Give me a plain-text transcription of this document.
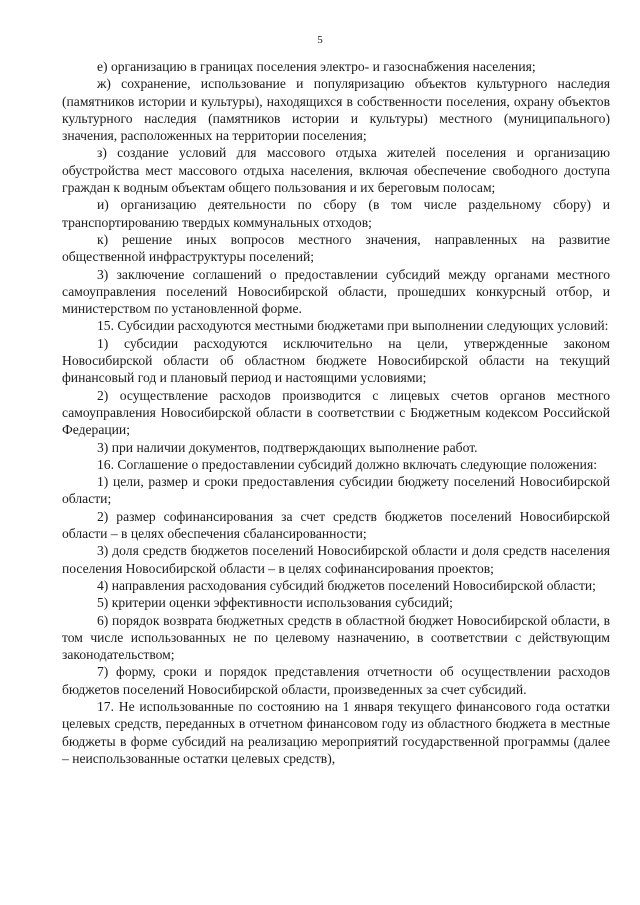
5

е) организацию в границах поселения электро- и газоснабжения населения;

ж) сохранение, использование и популяризацию объектов культурного наследия (памятников истории и культуры), находящихся в собственности поселения, охрану объектов культурного наследия (памятников истории и культуры) местного (муниципального) значения, расположенных на территории поселения;

з) создание условий для массового отдыха жителей поселения и организацию обустройства мест массового отдыха населения, включая обеспечение свободного доступа граждан к водным объектам общего пользования и их береговым полосам;

и) организацию деятельности по сбору (в том числе раздельному сбору) и транспортированию твердых коммунальных отходов;

к) решение иных вопросов местного значения, направленных на развитие общественной инфраструктуры поселений;

3) заключение соглашений о предоставлении субсидий между органами местного самоуправления поселений Новосибирской области, прошедших конкурсный отбор, и министерством по установленной форме.

15. Субсидии расходуются местными бюджетами при выполнении следующих условий:

1) субсидии расходуются исключительно на цели, утвержденные законом Новосибирской области об областном бюджете Новосибирской области на текущий финансовый год и плановый период и настоящими условиями;

2) осуществление расходов производится с лицевых счетов органов местного самоуправления Новосибирской области в соответствии с Бюджетным кодексом Российской Федерации;

3) при наличии документов, подтверждающих выполнение работ.

16. Соглашение о предоставлении субсидий должно включать следующие положения:

1) цели, размер и сроки предоставления субсидии бюджету поселений Новосибирской области;

2) размер софинансирования за счет средств бюджетов поселений Новосибирской области – в целях обеспечения сбалансированности;

3) доля средств бюджетов поселений Новосибирской области и доля средств населения поселения Новосибирской области – в целях софинансирования проектов;

4) направления расходования субсидий бюджетов поселений Новосибирской области;

5) критерии оценки эффективности использования субсидий;

6) порядок возврата бюджетных средств в областной бюджет Новосибирской области, в том числе использованных не по целевому назначению, в соответствии с действующим законодательством;

7) форму, сроки и порядок представления отчетности об осуществлении расходов бюджетов поселений Новосибирской области, произведенных за счет субсидий.

17. Не использованные по состоянию на 1 января текущего финансового года остатки целевых средств, переданных в отчетном финансовом году из областного бюджета в местные бюджеты в форме субсидий на реализацию мероприятий государственной программы (далее – неиспользованные остатки целевых средств),
